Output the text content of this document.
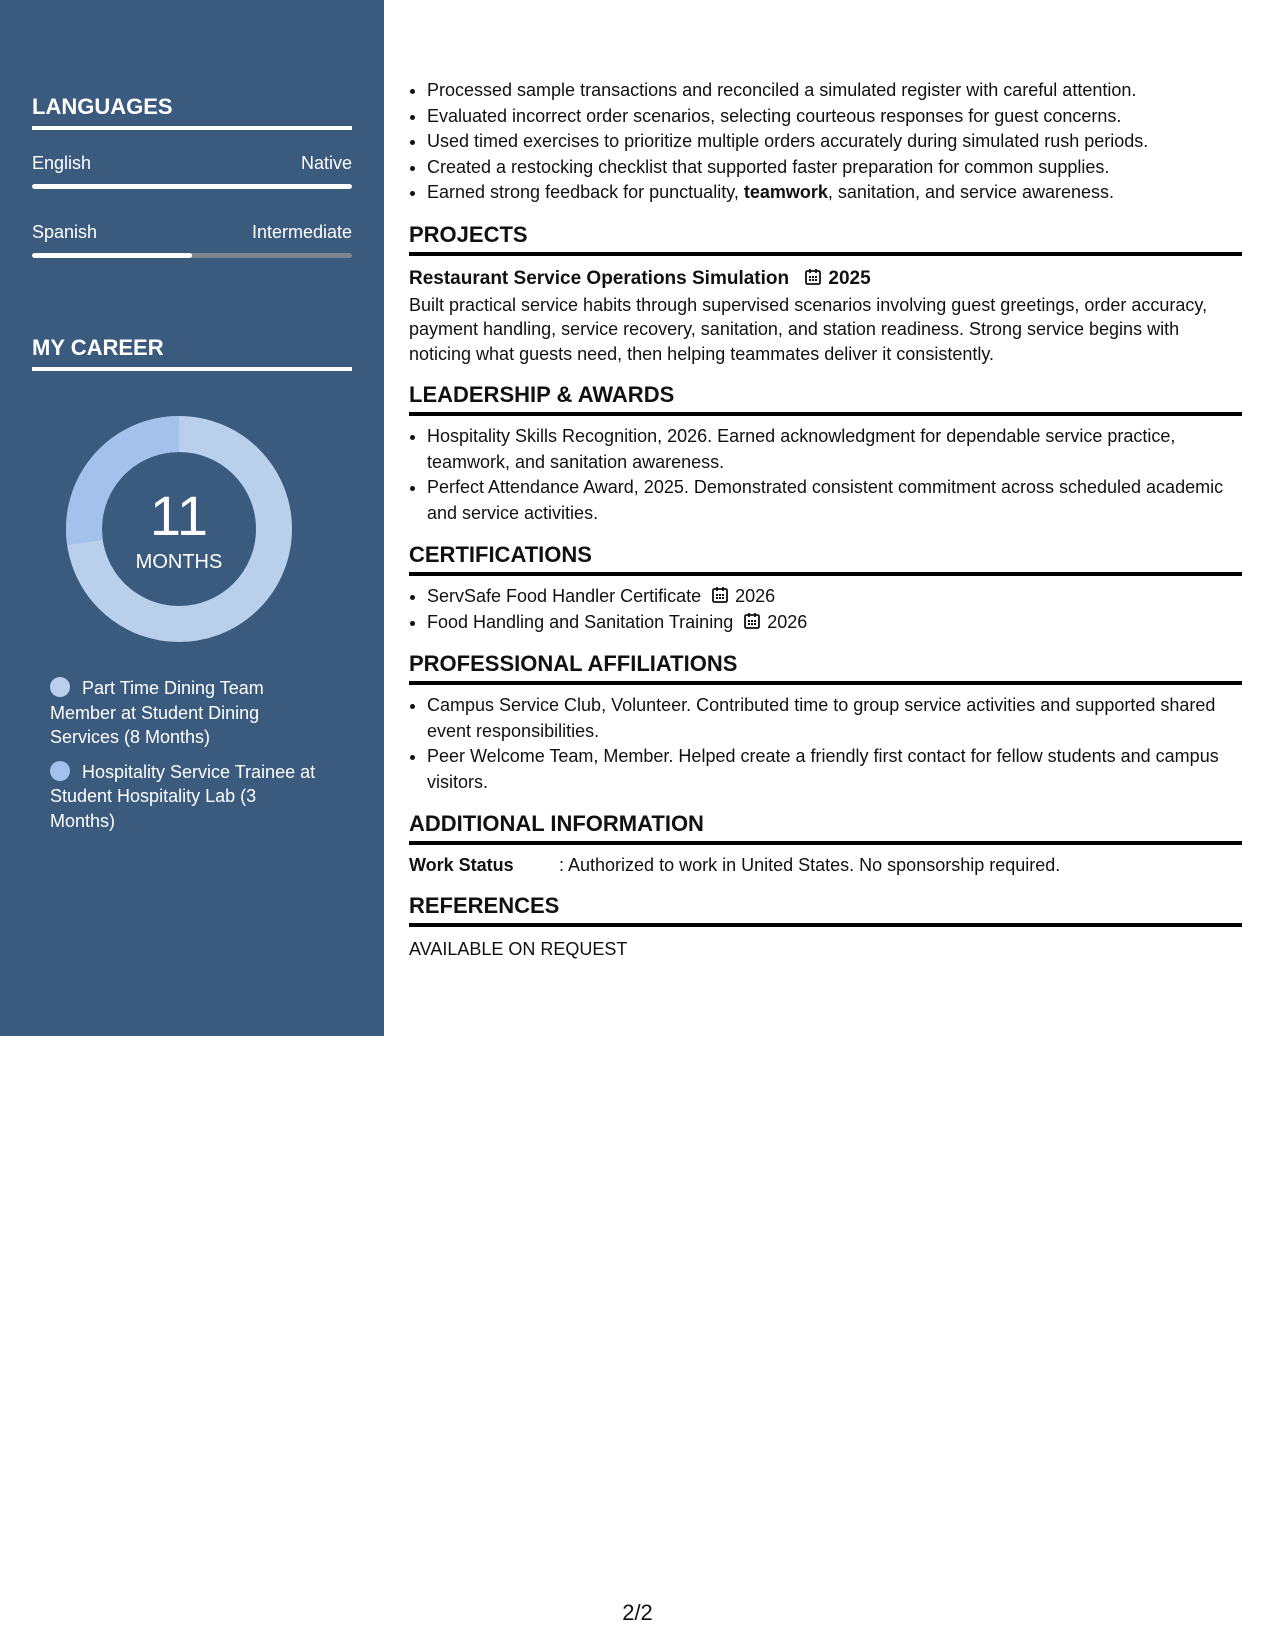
LANGUAGES
English	Native
Spanish	Intermediate
MY CAREER
11
MONTHS
Part Time Dining Team Member at Student Dining Services (8 Months)
Hospitality Service Trainee at Student Hospitality Lab (3 Months)
• Processed sample transactions and reconciled a simulated register with careful attention.
• Evaluated incorrect order scenarios, selecting courteous responses for guest concerns.
• Used timed exercises to prioritize multiple orders accurately during simulated rush periods.
• Created a restocking checklist that supported faster preparation for common supplies.
• Earned strong feedback for punctuality, teamwork, sanitation, and service awareness.
PROJECTS
Restaurant Service Operations Simulation 2025

Built practical service habits through supervised scenarios involving guest greetings, order accuracy, payment handling, service recovery, sanitation, and station readiness. Strong service begins with noticing what guests need, then helping teammates deliver it consistently.

LEADERSHIP & AWARDS
• Hospitality Skills Recognition, 2026. Earned acknowledgment for dependable service practice, teamwork, and sanitation awareness.
• Perfect Attendance Award, 2025. Demonstrated consistent commitment across scheduled academic and service activities.
CERTIFICATIONS
• ServSafe Food Handler Certificate 2026
• Food Handling and Sanitation Training 2026
PROFESSIONAL AFFILIATIONS
• Campus Service Club, Volunteer. Contributed time to group service activities and supported shared event responsibilities.
• Peer Welcome Team, Member. Helped create a friendly first contact for fellow students and campus visitors.
ADDITIONAL INFORMATION
Work Status	: Authorized to work in United States. No sponsorship required.
REFERENCES

AVAILABLE ON REQUEST

2/2
